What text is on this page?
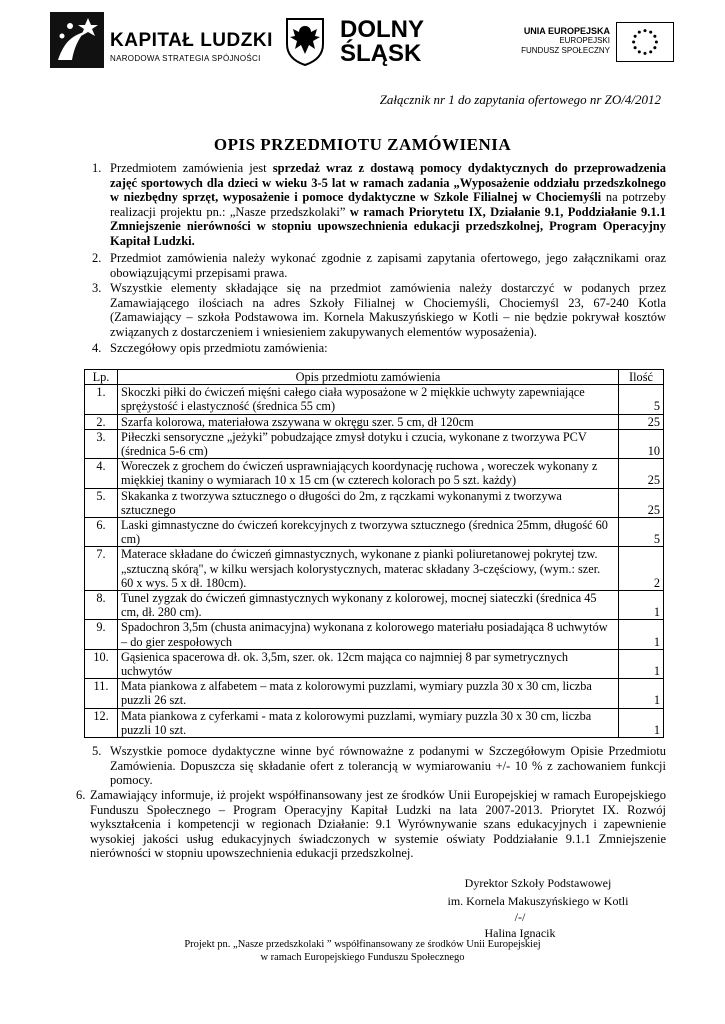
KAPITAŁ LUDZKI
NARODOWA STRATEGIA SPÓJNOŚCI
DOLNY
ŚLĄSK
UNIA EUROPEJSKA
EUROPEJSKI
FUNDUSZ SPOŁECZNY
Załącznik nr 1 do zapytania ofertowego nr ZO/4/2012
OPIS PRZEDMIOTU ZAMÓWIENIA
1. Przedmiotem zamówienia jest sprzedaż wraz z dostawą pomocy dydaktycznych do przeprowadzenia zajęć sportowych dla dzieci w wieku 3-5 lat w ramach zadania „Wyposażenie oddziału przedszkolnego w niezbędny sprzęt, wyposażenie i pomoce dydaktyczne w Szkole Filialnej w Chociemyśli na potrzeby realizacji projektu pn.: „Nasze przedszkolaki” w ramach Priorytetu IX, Działanie 9.1, Poddziałanie 9.1.1 Zmniejszenie nierówności w stopniu upowszechnienia edukacji przedszkolnej, Program Operacyjny Kapitał Ludzki.
2. Przedmiot zamówienia należy wykonać zgodnie z zapisami zapytania ofertowego, jego załącznikami oraz obowiązującymi przepisami prawa.
3. Wszystkie elementy składające się na przedmiot zamówienia należy dostarczyć w podanych przez Zamawiającego ilościach na adres Szkoły Filialnej w Chociemyśli, Chociemyśl 23, 67-240 Kotla (Zamawiający – szkoła Podstawowa im. Kornela Makuszyńskiego w Kotli – nie będzie pokrywał kosztów związanych z dostarczeniem i wniesieniem zakupywanych elementów wyposażenia).
4. Szczegółowy opis przedmiotu zamówienia:
Lp.	Opis przedmiotu zamówienia	Ilość
1.	Skoczki piłki do ćwiczeń mięśni całego ciała wyposażone w 2 miękkie uchwyty zapewniające sprężystość i elastyczność (średnica 55 cm)	5
2.	Szarfa kolorowa, materiałowa zszywana w okręgu szer. 5 cm, dł 120cm	25
3.	Piłeczki sensoryczne „jeżyki” pobudzające zmysł dotyku i czucia, wykonane z tworzywa PCV (średnica 5-6 cm)	10
4.	Woreczek z grochem do ćwiczeń usprawniających koordynację ruchowa , woreczek wykonany z miękkiej tkaniny o wymiarach 10 x 15 cm (w czterech kolorach po 5 szt. każdy)	25
5.	Skakanka z tworzywa sztucznego o długości do 2m, z rączkami wykonanymi z tworzywa sztucznego	25
6.	Laski gimnastyczne do ćwiczeń korekcyjnych z tworzywa sztucznego (średnica 25mm, długość 60 cm)	5
7.	Materace składane do ćwiczeń gimnastycznych, wykonane z pianki poliuretanowej pokrytej tzw. „sztuczną skórą", w kilku wersjach kolorystycznych, materac składany 3-częściowy, (wym.: szer. 60 x wys. 5 x dł. 180cm).	2
8.	Tunel zygzak do ćwiczeń gimnastycznych wykonany z kolorowej, mocnej siateczki (średnica 45 cm, dł. 280 cm).	1
9.	Spadochron 3,5m (chusta animacyjna) wykonana z kolorowego materiału posiadająca 8 uchwytów – do gier zespołowych	1
10.	Gąsienica spacerowa dł. ok. 3,5m, szer. ok. 12cm mająca co najmniej 8 par symetrycznych uchwytów	1
11.	Mata piankowa z alfabetem – mata z kolorowymi puzzlami, wymiary puzzla 30 x 30 cm, liczba puzzli 26 szt.	1
12.	Mata piankowa z cyferkami - mata z kolorowymi puzzlami, wymiary puzzla 30 x 30 cm, liczba puzzli 10 szt.	1
5. Wszystkie pomoce dydaktyczne winne być równoważne z podanymi w Szczegółowym Opisie Przedmiotu Zamówienia. Dopuszcza się składanie ofert z tolerancją w wymiarowaniu +/- 10 % z zachowaniem funkcji pomocy.
6. Zamawiający informuje, iż projekt współfinansowany jest ze środków Unii Europejskiej w ramach Europejskiego Funduszu Społecznego – Program Operacyjny Kapitał Ludzki na lata 2007-2013. Priorytet IX. Rozwój wykształcenia i kompetencji w regionach Działanie: 9.1 Wyrównywanie szans edukacyjnych i zapewnienie wysokiej jakości usług edukacyjnych świadczonych w systemie oświaty Poddziałanie 9.1.1 Zmniejszenie nierówności w stopniu upowszechnienia edukacji przedszkolnej.
Dyrektor Szkoły Podstawowej
im. Kornela Makuszyńskiego w Kotli
/-/
Halina Ignacik
Projekt pn. „Nasze przedszkolaki ” współfinansowany ze środków Unii Europejskiej
w ramach Europejskiego Funduszu Społecznego
